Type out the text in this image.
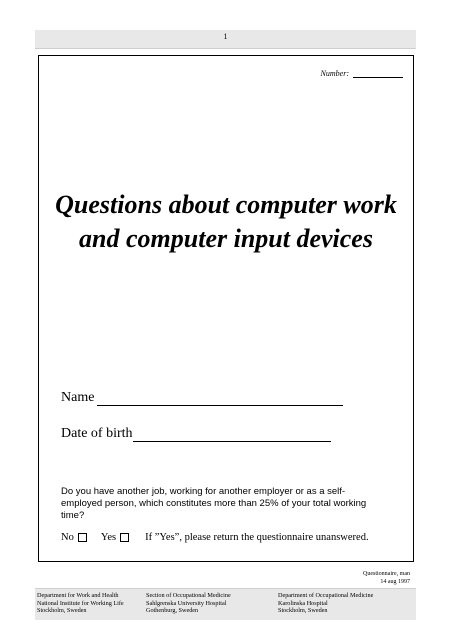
1
Number:
Questions about computer work
and computer input devices
Name
Date of birth
Do you have another job, working for another employer or as a self-employed person, which constitutes more than 25% of your total working time?
No	Yes	If ”Yes”, please return the questionnaire unanswered.
Questionnaire, man
14 aug 1997
Department for Work and Health
National Institute for Working Life
Stockholm, Sweden
Section of Occupational Medicine
Sahlgrenska University Hospital
Gothenburg, Sweden
Department of Occupational Medicine
Karolinska Hospital
Stockholm, Sweden
